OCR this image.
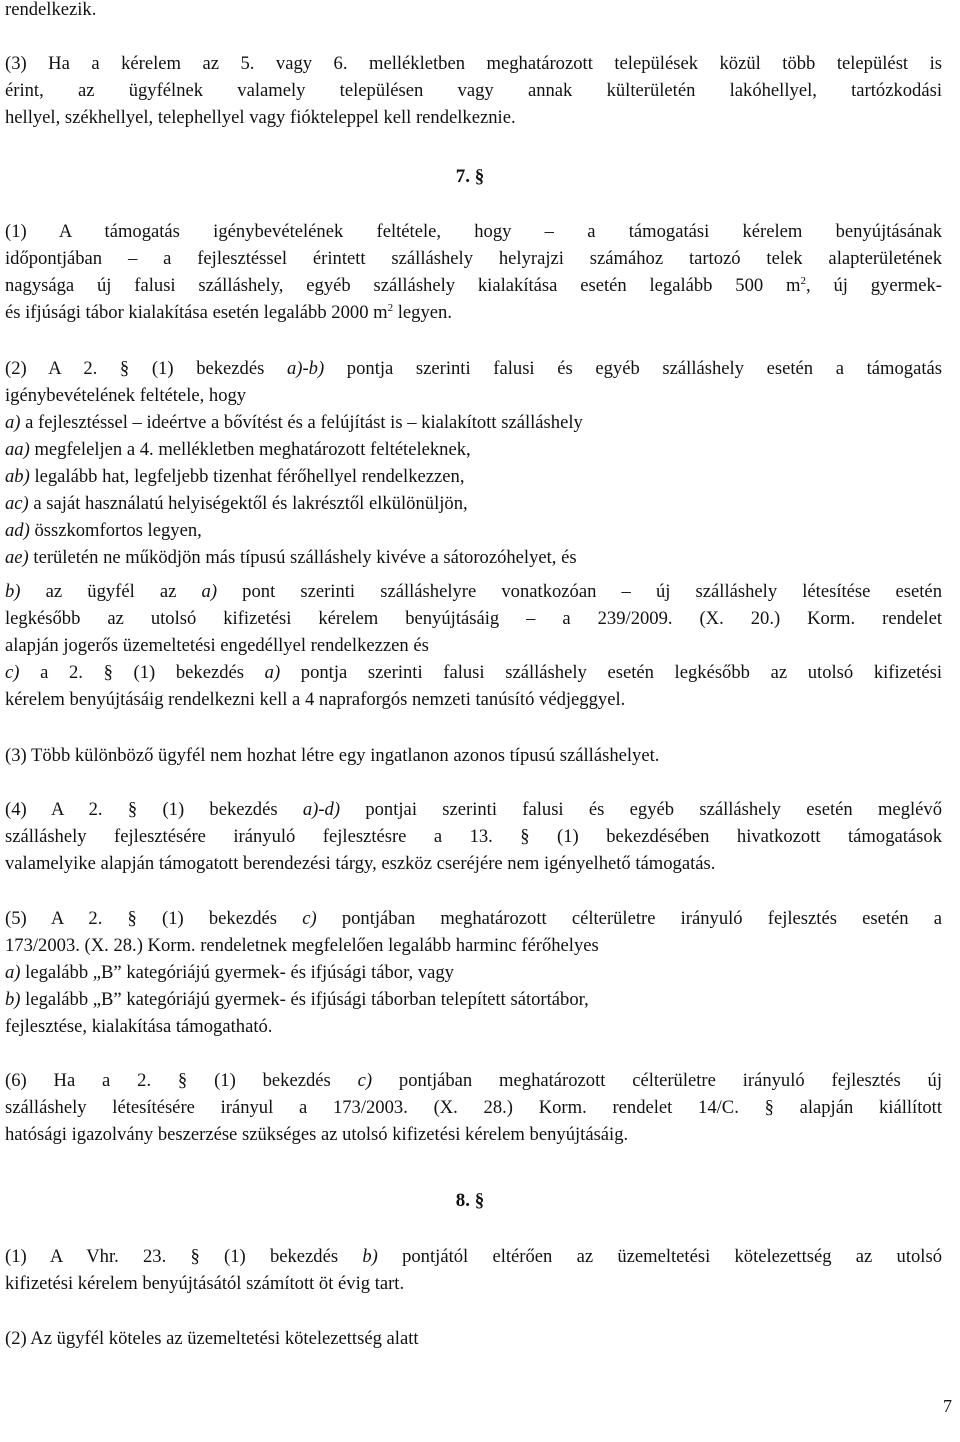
rendelkezik.
(3) Ha a kérelem az 5. vagy 6. mellékletben meghatározott települések közül több települést is
érint, az ügyfélnek valamely településen vagy annak külterületén lakóhellyel, tartózkodási
hellyel, székhellyel, telephellyel vagy fiókteleppel kell rendelkeznie.
7. §
(1) A támogatás igénybevételének feltétele, hogy – a támogatási kérelem benyújtásának
időpontjában – a fejlesztéssel érintett szálláshely helyrajzi számához tartozó telek alapterületének
nagysága új falusi szálláshely, egyéb szálláshely kialakítása esetén legalább 500 $m^2$, új gyermek-
és ifjúsági tábor kialakítása esetén legalább 2000 $m^2$ legyen.
(2) A 2. § (1) bekezdés a)-b) pontja szerinti falusi és egyéb szálláshely esetén a támogatás
igénybevételének feltétele, hogy
a) a fejlesztéssel – ideértve a bővítést és a felújítást is – kialakított szálláshely
aa) megfeleljen a 4. mellékletben meghatározott feltételeknek,
ab) legalább hat, legfeljebb tizenhat férőhellyel rendelkezzen,
ac) a saját használatú helyiségektől és lakrésztől elkülönüljön,
ad) összkomfortos legyen,
ae) területén ne működjön más típusú szálláshely kivéve a sátorozóhelyet, és
b) az ügyfél az a) pont szerinti szálláshelyre vonatkozóan – új szálláshely létesítése esetén
legkésőbb az utolsó kifizetési kérelem benyújtásáig – a 239/2009. (X. 20.) Korm. rendelet
alapján jogerős üzemeltetési engedéllyel rendelkezzen és
c) a 2. § (1) bekezdés a) pontja szerinti falusi szálláshely esetén legkésőbb az utolsó kifizetési
kérelem benyújtásáig rendelkezni kell a 4 napraforgós nemzeti tanúsító védjeggyel.
(3) Több különböző ügyfél nem hozhat létre egy ingatlanon azonos típusú szálláshelyet.
(4) A 2. § (1) bekezdés a)-d) pontjai szerinti falusi és egyéb szálláshely esetén meglévő
szálláshely fejlesztésére irányuló fejlesztésre a 13. § (1) bekezdésében hivatkozott támogatások
valamelyike alapján támogatott berendezési tárgy, eszköz cseréjére nem igényelhető támogatás.
(5) A 2. § (1) bekezdés c) pontjában meghatározott célterületre irányuló fejlesztés esetén a
173/2003. (X. 28.) Korm. rendeletnek megfelelően legalább harminc férőhelyes
a) legalább „B” kategóriájú gyermek- és ifjúsági tábor, vagy
b) legalább „B” kategóriájú gyermek- és ifjúsági táborban telepített sátortábor,
fejlesztése, kialakítása támogatható.
(6) Ha a 2. § (1) bekezdés c) pontjában meghatározott célterületre irányuló fejlesztés új
szálláshely létesítésére irányul a 173/2003. (X. 28.) Korm. rendelet 14/C. § alapján kiállított
hatósági igazolvány beszerzése szükséges az utolsó kifizetési kérelem benyújtásáig.
8. §
(1) A Vhr. 23. § (1) bekezdés b) pontjától eltérően az üzemeltetési kötelezettség az utolsó
kifizetési kérelem benyújtásától számított öt évig tart.
(2) Az ügyfél köteles az üzemeltetési kötelezettség alatt
7
